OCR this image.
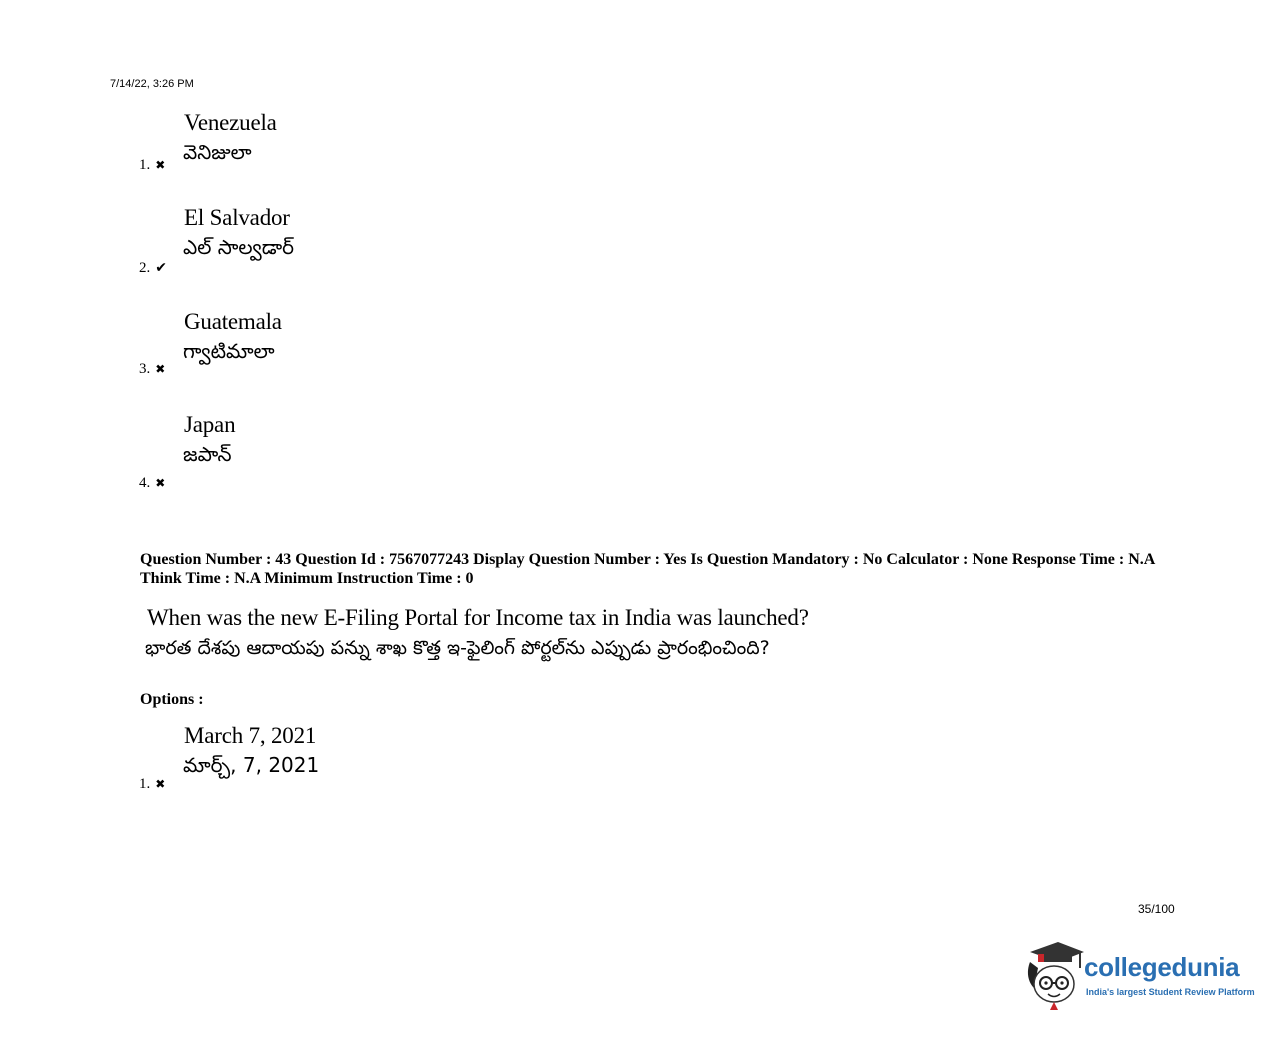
7/14/22, 3:26 PM
Venezuela
వెనిజులా
1. ✖
El Salvador
ఎల్ సాల్వడార్
2. ✔
Guatemala
గ్వాటిమాలా
3. ✖
Japan
జపాన్
4. ✖
Question Number : 43 Question Id : 7567077243 Display Question Number : Yes Is Question Mandatory : No Calculator : None Response Time : N.A Think Time : N.A Minimum Instruction Time : 0
When was the new E-Filing Portal for Income tax in India was launched?
భారత దేశపు ఆదాయపు పన్ను శాఖ కొత్త ఇ-ఫైలింగ్ పోర్టల్‌ను ఎప్పుడు ప్రారంభించింది?
Options :
March 7, 2021
మార్చ్, 7, 2021
1. ✖
35/100
collegedunia
India's largest Student Review Platform
